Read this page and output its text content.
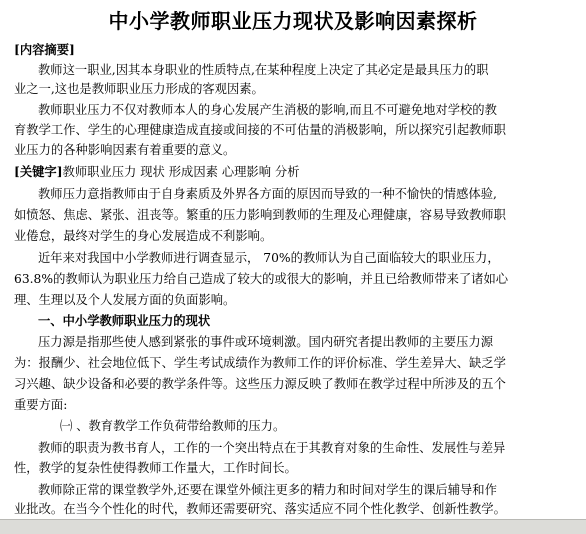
中小学教师职业压力现状及影响因素探析
[内容摘要]
教师这一职业,因其本身职业的性质特点,在某种程度上决定了其必定是最具压力的职
业之一,这也是教师职业压力形成的客观因素。
教师职业压力不仅对教师本人的身心发展产生消极的影响,而且不可避免地对学校的教
育教学工作、学生的心理健康造成直接或间接的不可估量的消极影响，所以探究引起教师职
业压力的各种影响因素有着重要的意义。
[关键字]教师职业压力 现状 形成因素 心理影响 分析
教师压力意指教师由于自身素质及外界各方面的原因而导致的一种不愉快的情感体验,
如愤怒、焦虑、紧张、沮丧等。繁重的压力影响到教师的生理及心理健康，容易导致教师职
业倦怠，最终对学生的身心发展造成不利影响。
近年来对我国中小学教师进行调查显示， 70%的教师认为自己面临较大的职业压力，
63.8%的教师认为职业压力给自己造成了较大的或很大的影响，并且已给教师带来了诸如心
理、生理以及个人发展方面的负面影响。
一、中小学教师职业压力的现状
压力源是指那些使人感到紧张的事件或环境刺激。国内研究者提出教师的主要压力源
为：报酬少、社会地位低下、学生考试成绩作为教师工作的评价标准、学生差异大、缺乏学
习兴趣、缺少设备和必要的教学条件等。这些压力源反映了教师在教学过程中所涉及的五个
重要方面:
㈠ 、教育教学工作负荷带给教师的压力。
教师的职责为教书育人，工作的一个突出特点在于其教育对象的生命性、发展性与差异
性，教学的复杂性使得教师工作量大，工作时间长。
教师除正常的课堂教学外,还要在课堂外倾注更多的精力和时间对学生的课后辅导和作
业批改。在当今个性化的时代，教师还需要研究、落实适应不同个性化教学、创新性教学。
